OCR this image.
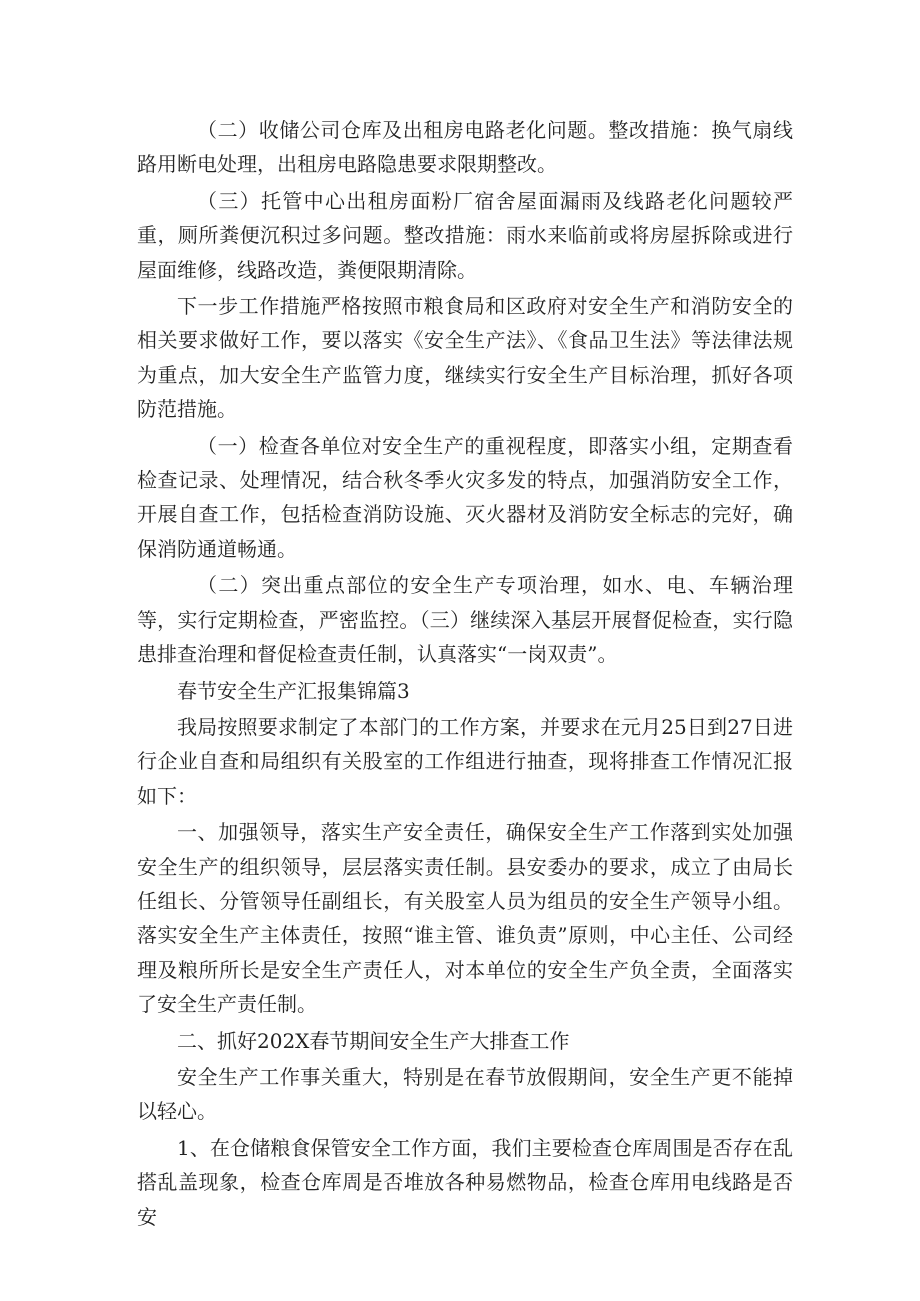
（二）收储公司仓库及出租房电路老化问题。整改措施：换气扇线路用断电处理，出租房电路隐患要求限期整改。

（三）托管中心出租房面粉厂宿舍屋面漏雨及线路老化问题较严重，厕所粪便沉积过多问题。整改措施：雨水来临前或将房屋拆除或进行屋面维修，线路改造，粪便限期清除。

下一步工作措施严格按照市粮食局和区政府对安全生产和消防安全的相关要求做好工作，要以落实《安全生产法》、《食品卫生法》等法律法规为重点，加大安全生产监管力度，继续实行安全生产目标治理，抓好各项防范措施。

（一）检查各单位对安全生产的重视程度，即落实小组，定期查看检查记录、处理情况，结合秋冬季火灾多发的特点，加强消防安全工作，开展自查工作，包括检查消防设施、灭火器材及消防安全标志的完好，确保消防通道畅通。

（二）突出重点部位的安全生产专项治理，如水、电、车辆治理等，实行定期检查，严密监控。（三）继续深入基层开展督促检查，实行隐患排查治理和督促检查责任制，认真落实“一岗双责”。

春节安全生产汇报集锦篇3

我局按照要求制定了本部门的工作方案，并要求在元月25日到27日进行企业自查和局组织有关股室的工作组进行抽查，现将排查工作情况汇报如下：

一、加强领导，落实生产安全责任，确保安全生产工作落到实处加强安全生产的组织领导，层层落实责任制。县安委办的要求，成立了由局长任组长、分管领导任副组长，有关股室人员为组员的安全生产领导小组。落实安全生产主体责任，按照“谁主管、谁负责”原则，中心主任、公司经理及粮所所长是安全生产责任人，对本单位的安全生产负全责，全面落实了安全生产责任制。

二、抓好202X春节期间安全生产大排查工作

安全生产工作事关重大，特别是在春节放假期间，安全生产更不能掉以轻心。

1、在仓储粮食保管安全工作方面，我们主要检查仓库周围是否存在乱搭乱盖现象，检查仓库周是否堆放各种易燃物品，检查仓库用电线路是否安
